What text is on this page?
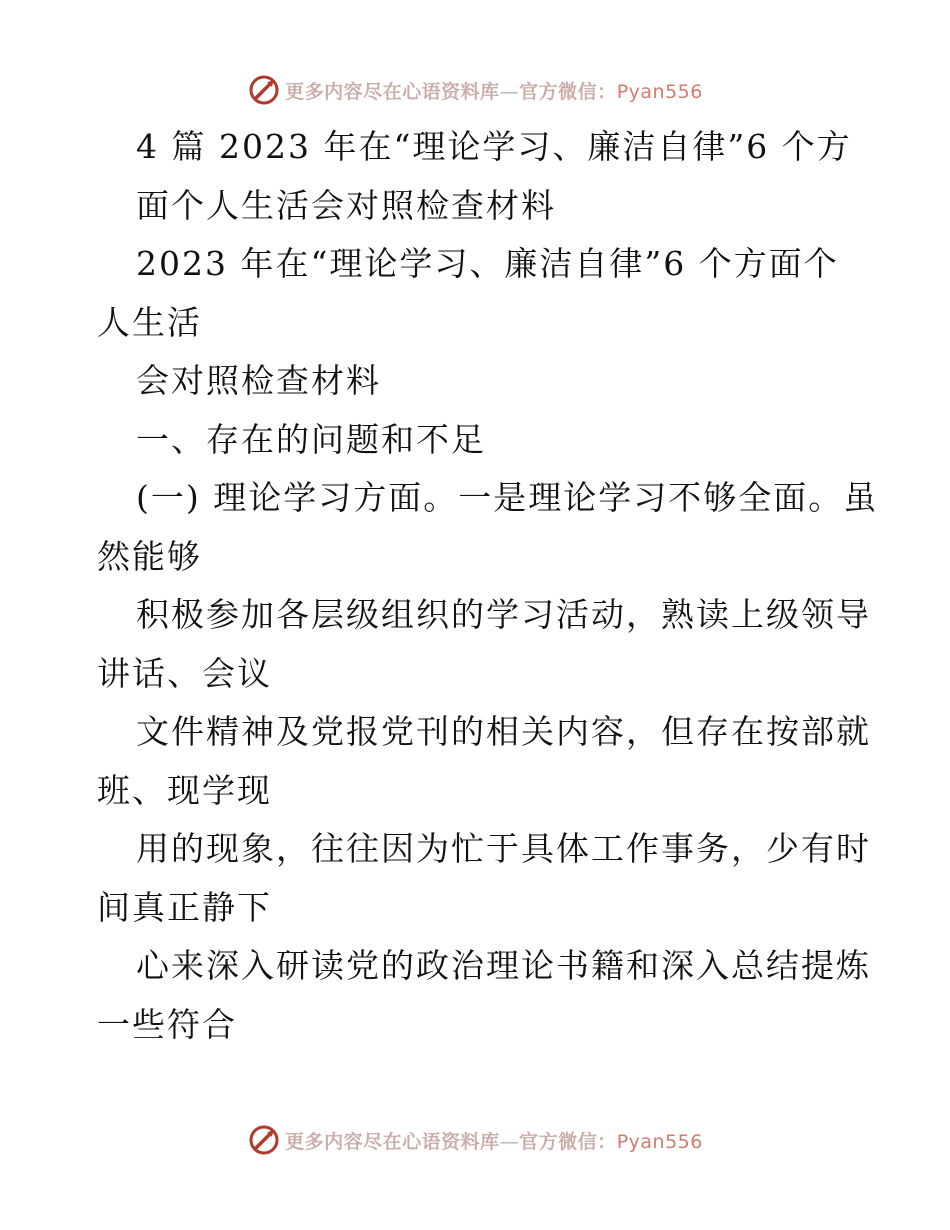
更多内容尽在心语资料库—官方微信：Pyan556
4 篇 2023 年在“理论学习、廉洁自律”6 个方
面个人生活会对照检查材料
2023 年在“理论学习、廉洁自律”6 个方面个
人生活
会对照检查材料
一、存在的问题和不足
(一) 理论学习方面。一是理论学习不够全面。虽
然能够
积极参加各层级组织的学习活动，熟读上级领导
讲话、会议
文件精神及党报党刊的相关内容，但存在按部就
班、现学现
用的现象，往往因为忙于具体工作事务，少有时
间真正静下
心来深入研读党的政治理论书籍和深入总结提炼
一些符合
更多内容尽在心语资料库—官方微信：Pyan556
